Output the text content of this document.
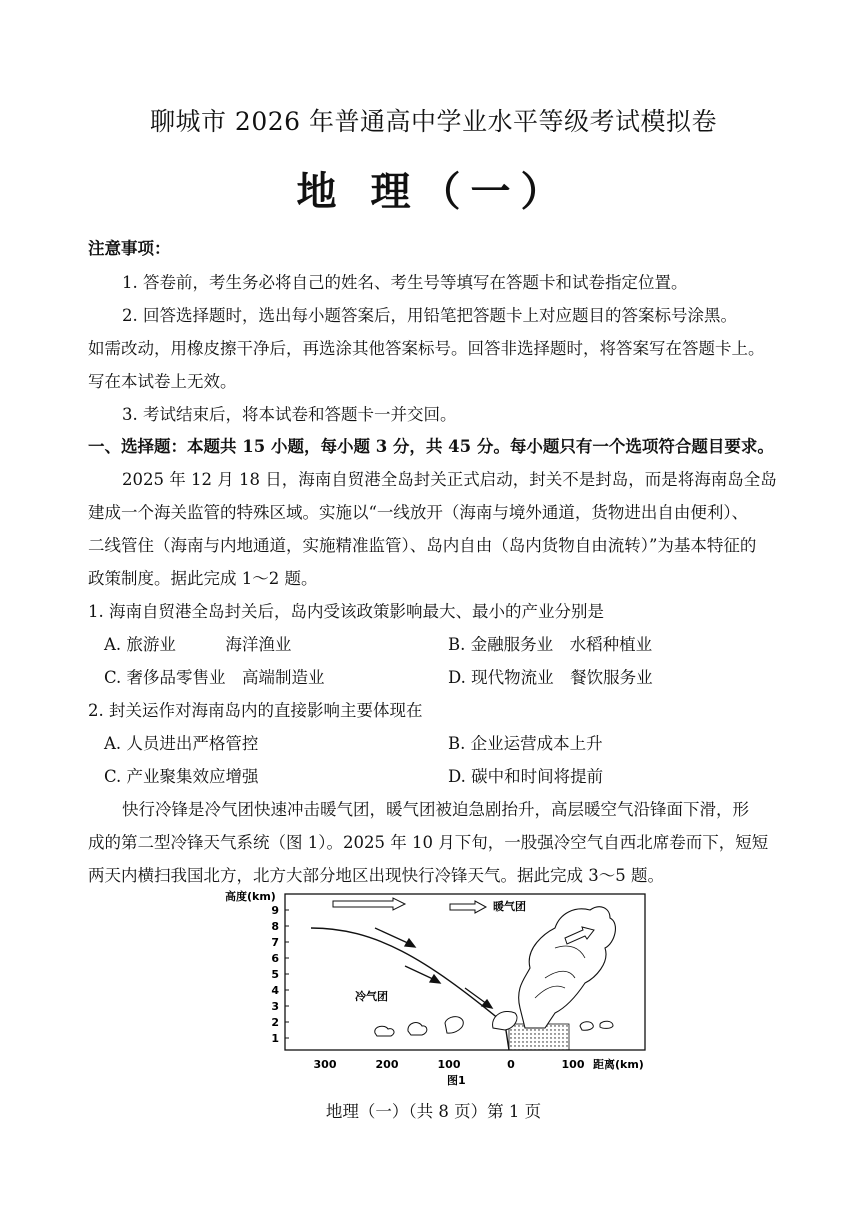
聊城市 2026 年普通高中学业水平等级考试模拟卷
地 理（一）
注意事项：
1. 答卷前，考生务必将自己的姓名、考生号等填写在答题卡和试卷指定位置。
2. 回答选择题时，选出每小题答案后，用铅笔把答题卡上对应题目的答案标号涂黑。
如需改动，用橡皮擦干净后，再选涂其他答案标号。回答非选择题时，将答案写在答题卡上。
写在本试卷上无效。
3. 考试结束后，将本试卷和答题卡一并交回。
一、选择题：本题共 15 小题，每小题 3 分，共 45 分。每小题只有一个选项符合题目要求。
2025 年 12 月 18 日，海南自贸港全岛封关正式启动，封关不是封岛，而是将海南岛全岛
建成一个海关监管的特殊区域。实施以“一线放开（海南与境外通道，货物进出自由便利）、
二线管住（海南与内地通道，实施精准监管）、岛内自由（岛内货物自由流转）”为基本特征的
政策制度。据此完成 1～2 题。
1. 海南自贸港全岛封关后，岛内受该政策影响最大、最小的产业分别是
A. 旅游业　　　海洋渔业	B. 金融服务业　水稻种植业
C. 奢侈品零售业　高端制造业	D. 现代物流业　餐饮服务业
2. 封关运作对海南岛内的直接影响主要体现在
A. 人员进出严格管控	B. 企业运营成本上升
C. 产业聚集效应增强	D. 碳中和时间将提前
快行冷锋是冷气团快速冲击暖气团，暖气团被迫急剧抬升，高层暖空气沿锋面下滑，形
成的第二型冷锋天气系统（图 1）。2025 年 10 月下旬，一股强冷空气自西北席卷而下，短短
两天内横扫我国北方，北方大部分地区出现快行冷锋天气。据此完成 3～5 题。
高度(km)
9
8
7
6
5
4
3
2
1
暖气团
冷气团
300	200	100	0	100 距离(km)
图1
地理（一）（共 8 页）第 1 页
